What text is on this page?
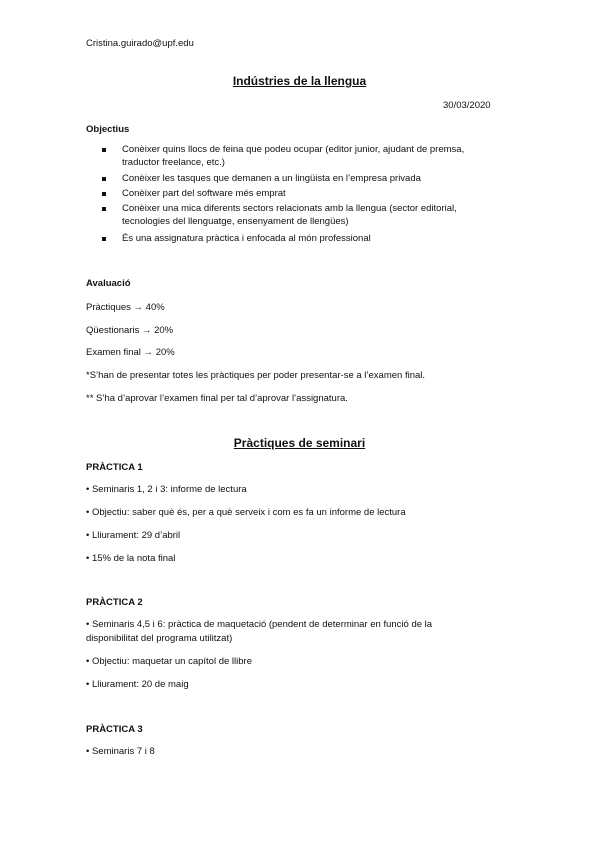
Cristina.guirado@upf.edu
Indústries de la llengua
30/03/2020
Objectius
Conèixer quins llocs de feina que podeu ocupar (editor junior, ajudant de premsa, traductor freelance, etc.)
Conèixer les tasques que demanen a un lingüista en l’empresa privada
Conèixer part del software més emprat
Conèixer una mica diferents sectors relacionats amb la llengua (sector editorial, tecnologies del llenguatge, ensenyament de llengües)
És una assignatura pràctica i enfocada al món professional
Avaluació
Pràctiques → 40%
Qüestionaris → 20%
Examen final → 20%
*S’han de presentar totes les pràctiques per poder presentar-se a l’examen final.
** S’ha d’aprovar l’examen final per tal d’aprovar l’assignatura.
Pràctiques de seminari
PRÀCTICA 1
• Seminaris 1, 2 i 3: informe de lectura
• Objectiu: saber què és, per a què serveix i com es fa un informe de lectura
• Lliurament: 29 d’abril
• 15% de la nota final
PRÀCTICA 2
• Seminaris 4,5 i 6: pràctica de maquetació (pendent de determinar en funció de la
disponibilitat del programa utilitzat)
• Objectiu: maquetar un capítol de llibre
• Lliurament: 20 de maig
PRÀCTICA 3
• Seminaris 7 i 8
